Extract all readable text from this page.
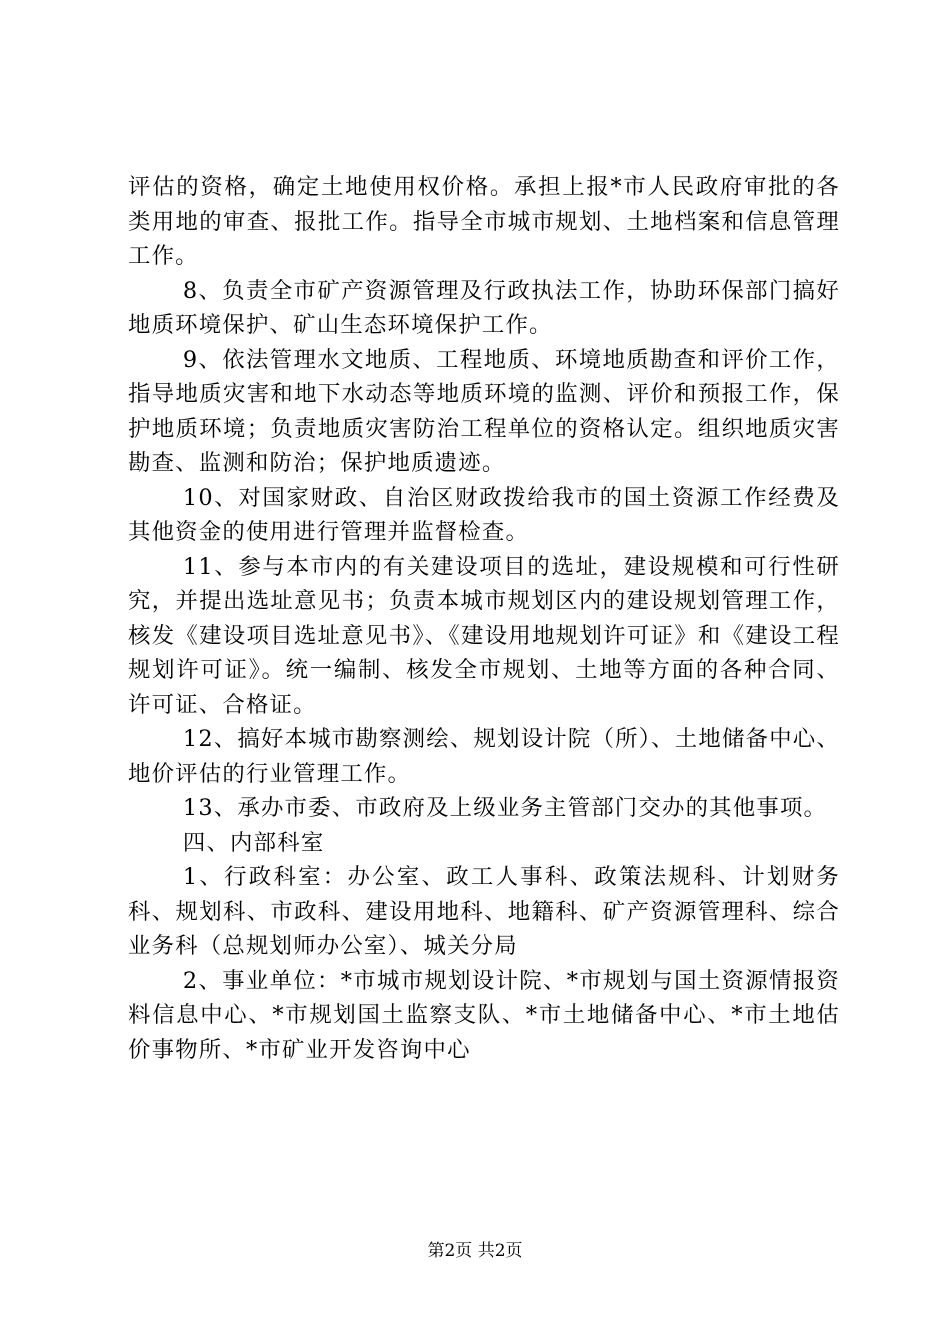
评估的资格，确定土地使用权价格。承担上报*市人民政府审批的各类用地的审查、报批工作。指导全市城市规划、土地档案和信息管理工作。

8、负责全市矿产资源管理及行政执法工作，协助环保部门搞好地质环境保护、矿山生态环境保护工作。

9、依法管理水文地质、工程地质、环境地质勘查和评价工作，指导地质灾害和地下水动态等地质环境的监测、评价和预报工作，保护地质环境；负责地质灾害防治工程单位的资格认定。组织地质灾害勘查、监测和防治；保护地质遗迹。

10、对国家财政、自治区财政拨给我市的国土资源工作经费及其他资金的使用进行管理并监督检查。

11、参与本市内的有关建设项目的选址，建设规模和可行性研究，并提出选址意见书；负责本城市规划区内的建设规划管理工作，核发《建设项目选址意见书》、《建设用地规划许可证》和《建设工程规划许可证》。统一编制、核发全市规划、土地等方面的各种合同、许可证、合格证。

12、搞好本城市勘察测绘、规划设计院（所）、土地储备中心、地价评估的行业管理工作。

13、承办市委、市政府及上级业务主管部门交办的其他事项。

四、内部科室

1、行政科室：办公室、政工人事科、政策法规科、计划财务科、规划科、市政科、建设用地科、地籍科、矿产资源管理科、综合业务科（总规划师办公室）、城关分局

2、事业单位：*市城市规划设计院、*市规划与国土资源情报资料信息中心、*市规划国土监察支队、*市土地储备中心、*市土地估价事物所、*市矿业开发咨询中心

第2页 共2页
